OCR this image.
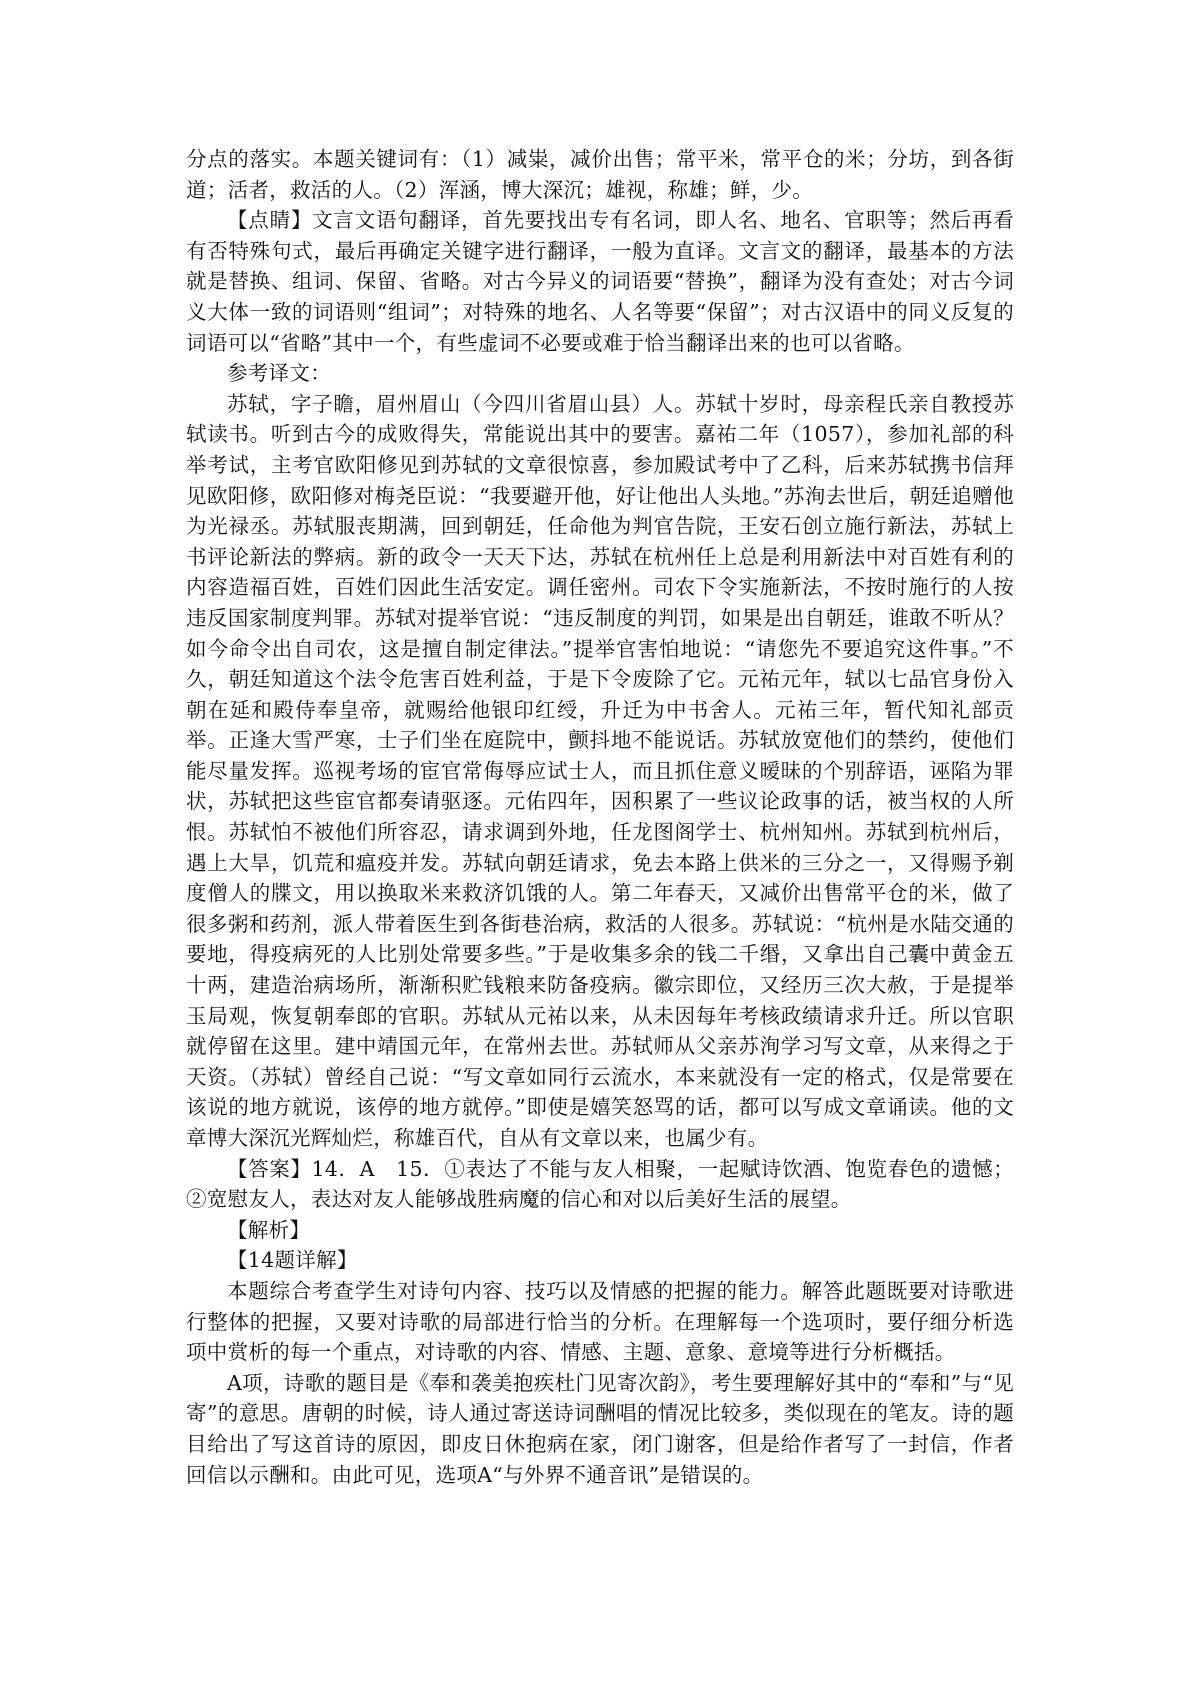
分点的落实。本题关键词有：（1）减粜，减价出售；常平米，常平仓的米；分坊，到各街道；活者，救活的人。（2）浑涵，博大深沉；雄视，称雄；鲜，少。

【点睛】文言文语句翻译，首先要找出专有名词，即人名、地名、官职等；然后再看有否特殊句式，最后再确定关键字进行翻译，一般为直译。文言文的翻译，最基本的方法就是替换、组词、保留、省略。对古今异义的词语要“替换”，翻译为没有查处；对古今词义大体一致的词语则“组词”；对特殊的地名、人名等要“保留”；对古汉语中的同义反复的词语可以“省略”其中一个，有些虚词不必要或难于恰当翻译出来的也可以省略。

参考译文：

苏轼，字子瞻，眉州眉山（今四川省眉山县）人。苏轼十岁时，母亲程氏亲自教授苏轼读书。听到古今的成败得失，常能说出其中的要害。嘉祐二年（1057），参加礼部的科举考试，主考官欧阳修见到苏轼的文章很惊喜，参加殿试考中了乙科，后来苏轼携书信拜见欧阳修，欧阳修对梅尧臣说：“我要避开他，好让他出人头地。”苏洵去世后，朝廷追赠他为光禄丞。苏轼服丧期满，回到朝廷，任命他为判官告院，王安石创立施行新法，苏轼上书评论新法的弊病。新的政令一天天下达，苏轼在杭州任上总是利用新法中对百姓有利的内容造福百姓，百姓们因此生活安定。调任密州。司农下令实施新法，不按时施行的人按违反国家制度判罪。苏轼对提举官说：“违反制度的判罚，如果是出自朝廷，谁敢不听从？如今命令出自司农，这是擅自制定律法。”提举官害怕地说：“请您先不要追究这件事。”不久，朝廷知道这个法令危害百姓利益，于是下令废除了它。元祐元年，轼以七品官身份入朝在延和殿侍奉皇帝，就赐给他银印红绶，升迁为中书舍人。元祐三年，暂代知礼部贡举。正逢大雪严寒，士子们坐在庭院中，颤抖地不能说话。苏轼放宽他们的禁约，使他们能尽量发挥。巡视考场的宦官常侮辱应试士人，而且抓住意义暧昧的个别辞语，诬陷为罪状，苏轼把这些宦官都奏请驱逐。元佑四年，因积累了一些议论政事的话，被当权的人所恨。苏轼怕不被他们所容忍，请求调到外地，任龙图阁学士、杭州知州。苏轼到杭州后，遇上大旱，饥荒和瘟疫并发。苏轼向朝廷请求，免去本路上供米的三分之一，又得赐予剃度僧人的牒文，用以换取米来救济饥饿的人。第二年春天，又减价出售常平仓的米，做了很多粥和药剂，派人带着医生到各街巷治病，救活的人很多。苏轼说：“杭州是水陆交通的要地，得疫病死的人比别处常要多些。”于是收集多余的钱二千缗，又拿出自己囊中黄金五十两，建造治病场所，渐渐积贮钱粮来防备疫病。徽宗即位，又经历三次大赦，于是提举玉局观，恢复朝奉郎的官职。苏轼从元祐以来，从未因每年考核政绩请求升迁。所以官职就停留在这里。建中靖国元年，在常州去世。苏轼师从父亲苏洵学习写文章，从来得之于天资。（苏轼）曾经自己说：“写文章如同行云流水，本来就没有一定的格式，仅是常要在该说的地方就说，该停的地方就停。”即使是嬉笑怒骂的话，都可以写成文章诵读。他的文章博大深沉光辉灿烂，称雄百代，自从有文章以来，也属少有。

【答案】14．A　15．①表达了不能与友人相聚，一起赋诗饮酒、饱览春色的遗憾；②宽慰友人，表达对友人能够战胜病魔的信心和对以后美好生活的展望。

【解析】

【14题详解】

本题综合考查学生对诗句内容、技巧以及情感的把握的能力。解答此题既要对诗歌进行整体的把握，又要对诗歌的局部进行恰当的分析。在理解每一个选项时，要仔细分析选项中赏析的每一个重点，对诗歌的内容、情感、主题、意象、意境等进行分析概括。

A项，诗歌的题目是《奉和袭美抱疾杜门见寄次韵》，考生要理解好其中的“奉和”与“见寄”的意思。唐朝的时候，诗人通过寄送诗词酬唱的情况比较多，类似现在的笔友。诗的题目给出了写这首诗的原因，即皮日休抱病在家，闭门谢客，但是给作者写了一封信，作者回信以示酬和。由此可见，选项A“与外界不通音讯”是错误的。
